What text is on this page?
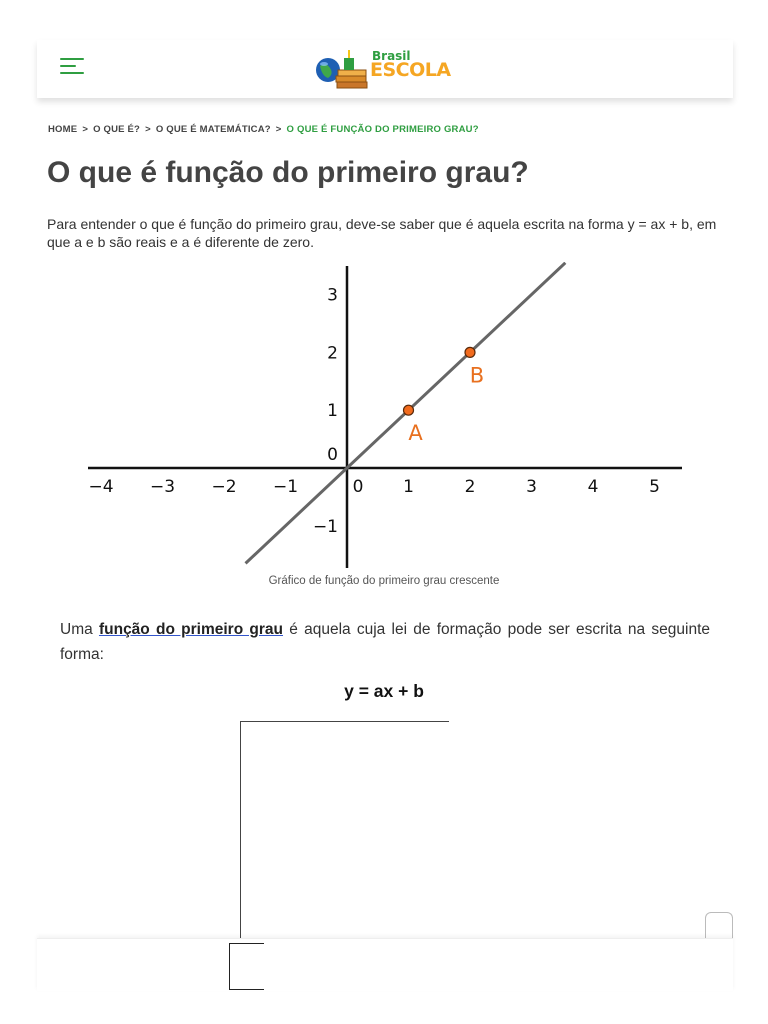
Brasil
ESCOLA
HOME > O QUE É? > O QUE É MATEMÁTICA? > O QUE É FUNÇÃO DO PRIMEIRO GRAU?
O que é função do primeiro grau?

Para entender o que é função do primeiro grau, deve-se saber que é aquela escrita na forma y = ax + b, em que a e b são reais e a é diferente de zero.

−4 −3 −2 −1	0 1	2	3	4	5
3
2
1
0
−1
A
B
Gráfico de função do primeiro grau crescente

Uma função do primeiro grau é aquela cuja lei de formação pode ser escrita na seguinte forma:

y = ax + b
